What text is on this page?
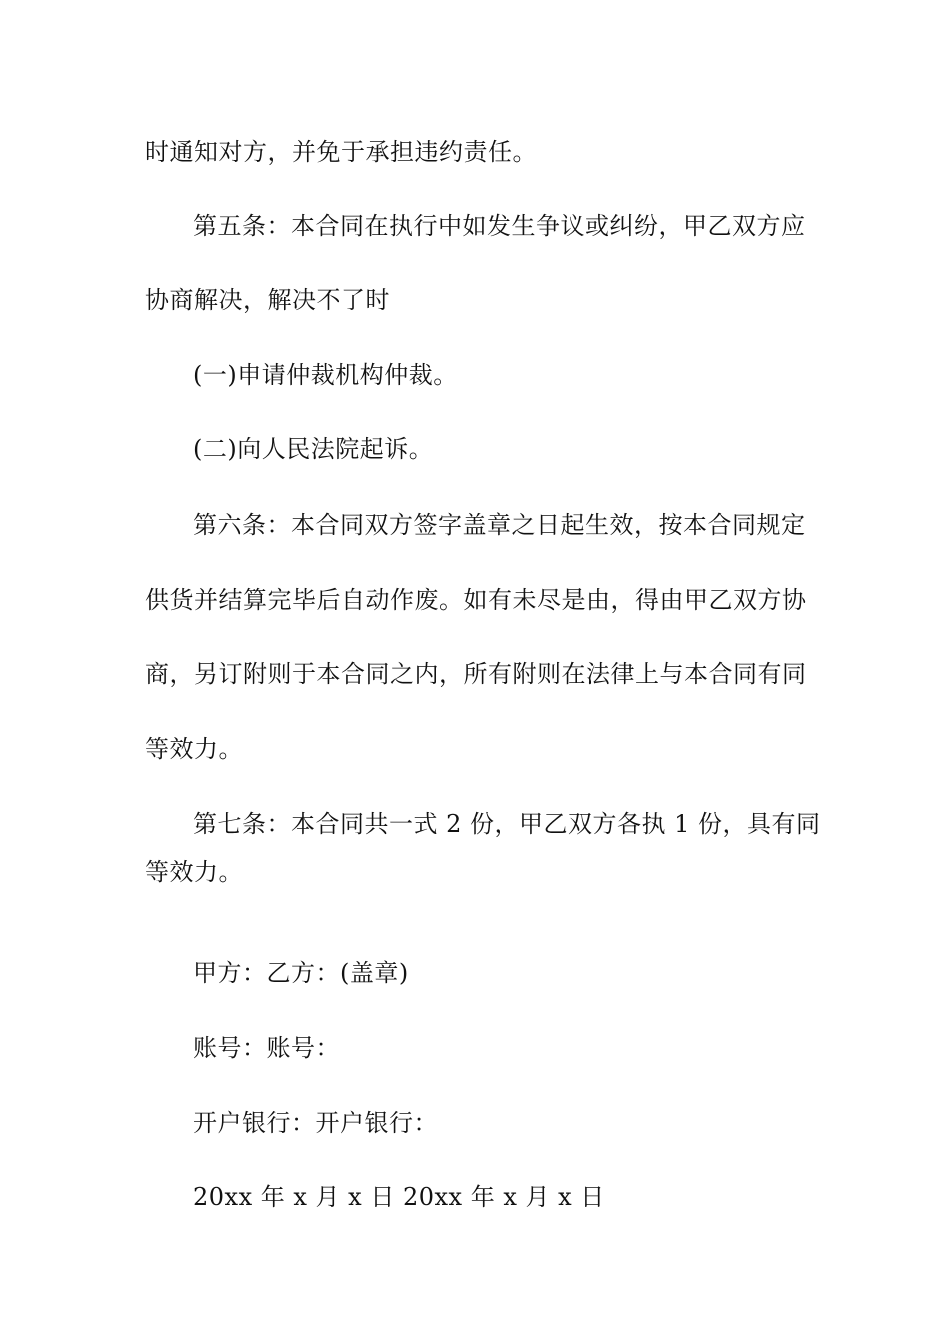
时通知对方，并免于承担违约责任。
第五条：本合同在执行中如发生争议或纠纷，甲乙双方应
协商解决，解决不了时
(一)申请仲裁机构仲裁。
(二)向人民法院起诉。
第六条：本合同双方签字盖章之日起生效，按本合同规定
供货并结算完毕后自动作废。如有未尽是由，得由甲乙双方协
商，另订附则于本合同之内，所有附则在法律上与本合同有同
等效力。
第七条：本合同共一式 2 份，甲乙双方各执 1 份，具有同
等效力。
甲方：乙方：(盖章)
账号：账号：
开户银行：开户银行：
20xx 年 x 月 x 日 20xx 年 x 月 x 日
